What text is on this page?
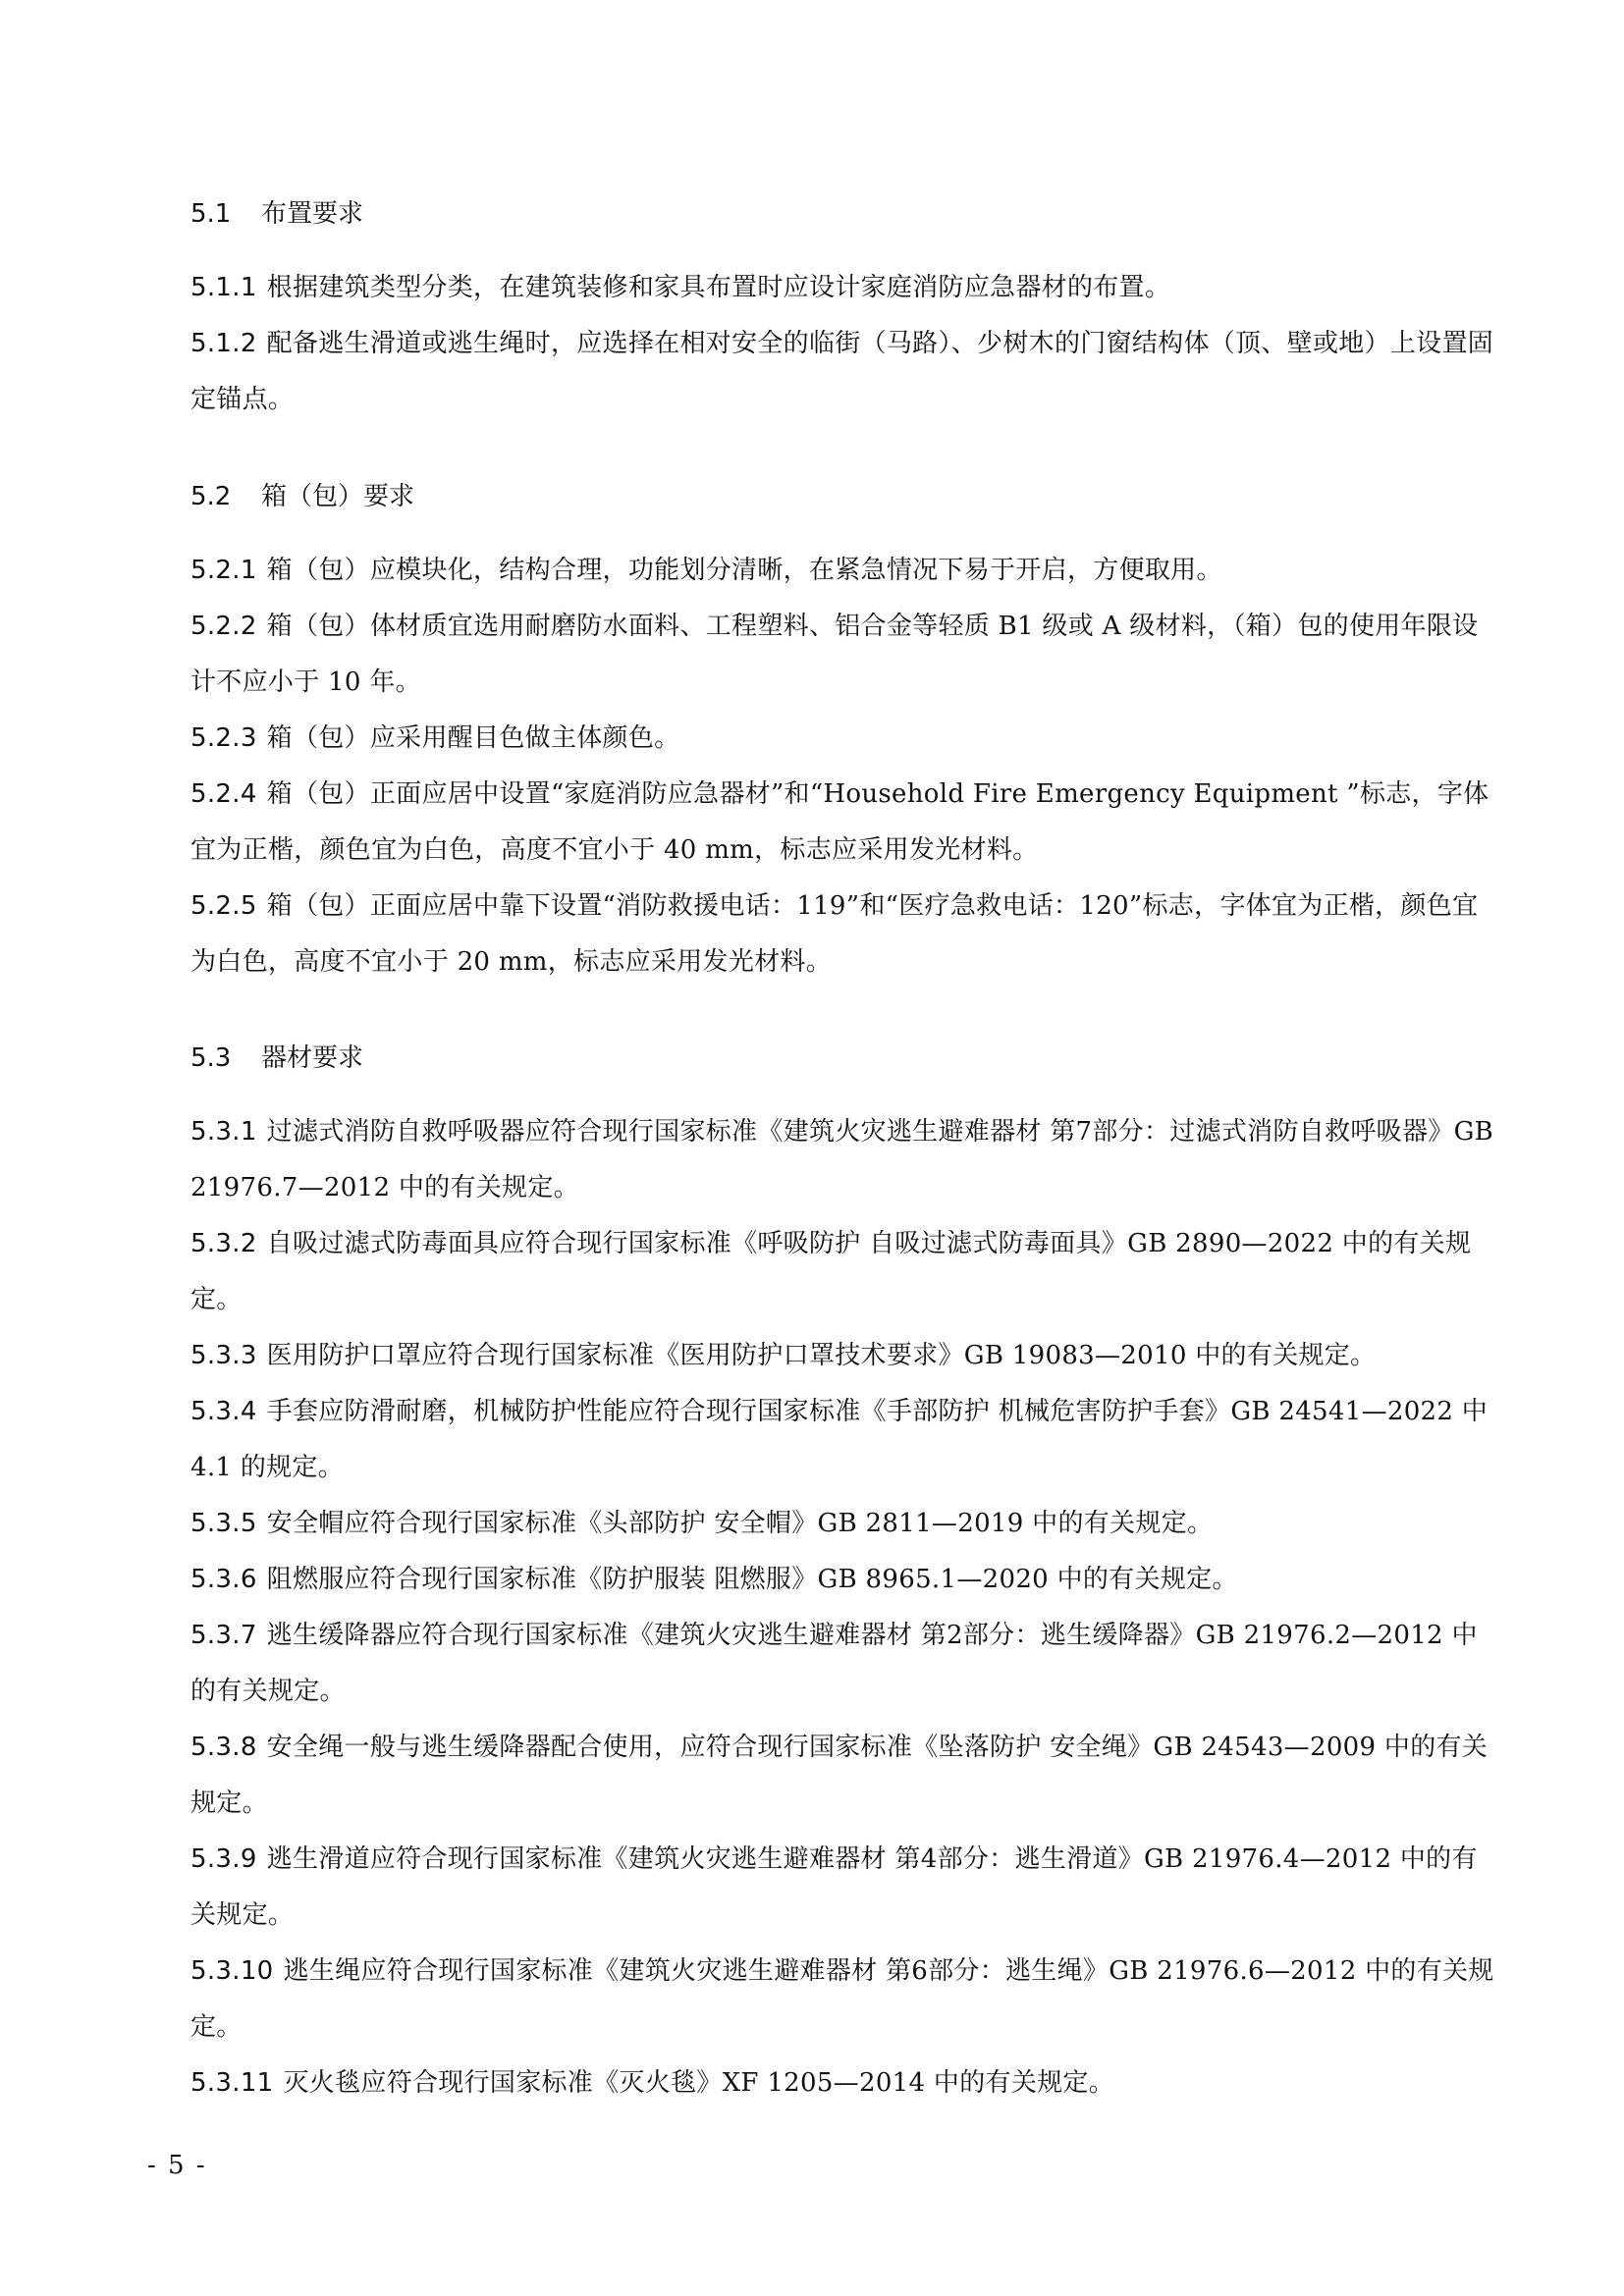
5.1 布置要求
5.1.1 根据建筑类型分类，在建筑装修和家具布置时应设计家庭消防应急器材的布置。
5.1.2 配备逃生滑道或逃生绳时，应选择在相对安全的临街（马路）、少树木的门窗结构体（顶、壁或地）上设置固定锚点。
5.2 箱（包）要求
5.2.1 箱（包）应模块化，结构合理，功能划分清晰，在紧急情况下易于开启，方便取用。
5.2.2 箱（包）体材质宜选用耐磨防水面料、工程塑料、铝合金等轻质 B1 级或 A 级材料，（箱）包的使用年限设计不应小于 10 年。
5.2.3 箱（包）应采用醒目色做主体颜色。
5.2.4 箱（包）正面应居中设置“家庭消防应急器材”和“Household Fire Emergency Equipment ”标志，字体宜为正楷，颜色宜为白色，高度不宜小于 40 mm，标志应采用发光材料。
5.2.5 箱（包）正面应居中靠下设置“消防救援电话：119”和“医疗急救电话：120”标志，字体宜为正楷，颜色宜为白色，高度不宜小于 20 mm，标志应采用发光材料。
5.3 器材要求
5.3.1 过滤式消防自救呼吸器应符合现行国家标准《建筑火灾逃生避难器材 第7部分：过滤式消防自救呼吸器》GB 21976.7—2012 中的有关规定。
5.3.2 自吸过滤式防毒面具应符合现行国家标准《呼吸防护 自吸过滤式防毒面具》GB 2890—2022 中的有关规定。
5.3.3 医用防护口罩应符合现行国家标准《医用防护口罩技术要求》GB 19083—2010 中的有关规定。
5.3.4 手套应防滑耐磨，机械防护性能应符合现行国家标准《手部防护 机械危害防护手套》GB 24541—2022 中 4.1 的规定。
5.3.5 安全帽应符合现行国家标准《头部防护 安全帽》GB 2811—2019 中的有关规定。
5.3.6 阻燃服应符合现行国家标准《防护服装 阻燃服》GB 8965.1—2020 中的有关规定。
5.3.7 逃生缓降器应符合现行国家标准《建筑火灾逃生避难器材 第2部分：逃生缓降器》GB 21976.2—2012 中的有关规定。
5.3.8 安全绳一般与逃生缓降器配合使用，应符合现行国家标准《坠落防护 安全绳》GB 24543—2009 中的有关规定。
5.3.9 逃生滑道应符合现行国家标准《建筑火灾逃生避难器材 第4部分：逃生滑道》GB 21976.4—2012 中的有关规定。
5.3.10 逃生绳应符合现行国家标准《建筑火灾逃生避难器材 第6部分：逃生绳》GB 21976.6—2012 中的有关规定。
5.3.11 灭火毯应符合现行国家标准《灭火毯》XF 1205—2014 中的有关规定。
- 5 -
